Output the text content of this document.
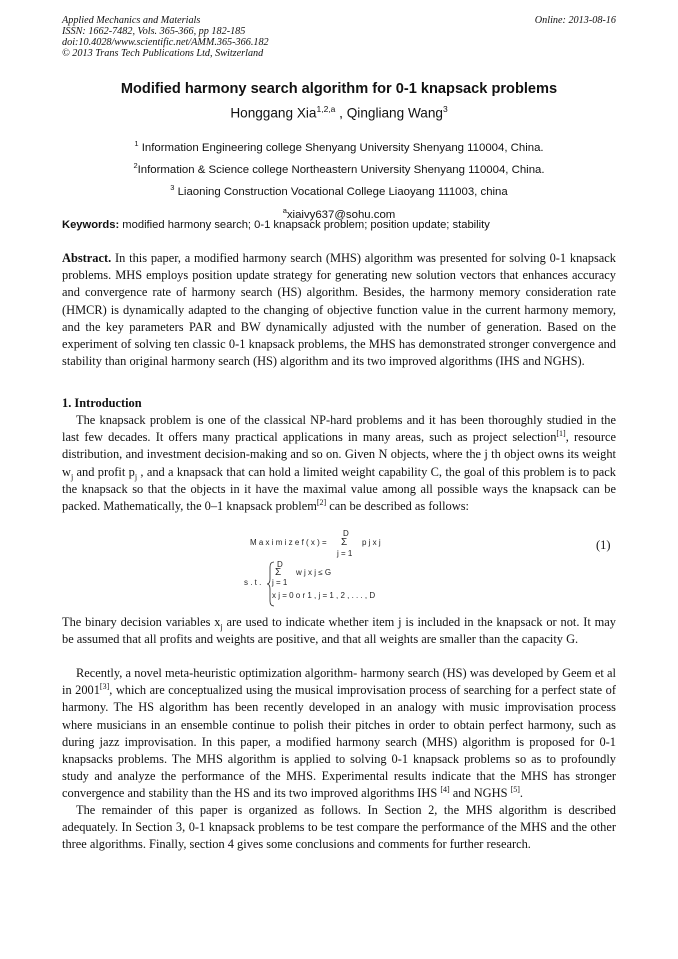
Applied Mechanics and Materials
ISSN: 1662-7482, Vols. 365-366, pp 182-185
doi:10.4028/www.scientific.net/AMM.365-366.182
© 2013 Trans Tech Publications Ltd, Switzerland
Online: 2013-08-16
Modified harmony search algorithm for 0-1 knapsack problems
Honggang Xia$^{1,2,a}$ , Qingliang Wang$^3$
$^1$ Information Engineering college Shenyang University Shenyang 110004, China.
$^2$Information & Science college Northeastern University Shenyang 110004, China.
$^3$ Liaoning Construction Vocational College Liaoyang 111003, china
$^a$xiaivy637@sohu.com
Keywords: modified harmony search; 0-1 knapsack problem; position update; stability
Abstract. In this paper, a modified harmony search (MHS) algorithm was presented for solving 0-1 knapsack problems. MHS employs position update strategy for generating new solution vectors that enhances accuracy and convergence rate of harmony search (HS) algorithm. Besides, the harmony memory consideration rate (HMCR) is dynamically adapted to the changing of objective function value in the current harmony memory, and the key parameters PAR and BW dynamically adjusted with the number of generation. Based on the experiment of solving ten classic 0-1 knapsack problems, the MHS has demonstrated stronger convergence and stability than original harmony search (HS) algorithm and its two improved algorithms (IHS and NGHS).
1. Introduction

The knapsack problem is one of the classical NP-hard problems and it has been thoroughly studied in the last few decades. It offers many practical applications in many areas, such as project selection[1], resource distribution, and investment decision-making and so on. Given N objects, where the j th object owns its weight $w_j$ and profit $p_j$ , and a knapsack that can hold a limited weight capability C, the goal of this problem is to pack the knapsack so that the objects in it have the maximal value among all possible ways the knapsack can be packed. Mathematically, the 0–1 knapsack problem[2] can be described as follows:

M a x i m i z e f ( x ) =
D
Σ
j = 1
p j x j
s . t .
D
Σ
j = 1
w j x j ≤ G
x j = 0 o r 1 , j = 1 , 2 , . . . , D
(1)

The binary decision variables $x_j$ are used to indicate whether item j is included in the knapsack or not. It may be assumed that all profits and weights are positive, and that all weights are smaller than the capacity G.

Recently, a novel meta-heuristic optimization algorithm- harmony search (HS) was developed by Geem et al in 2001[3], which are conceptualized using the musical improvisation process of searching for a perfect state of harmony. The HS algorithm has been recently developed in an analogy with music improvisation process where musicians in an ensemble continue to polish their pitches in order to obtain perfect harmony, such as during jazz improvisation. In this paper, a modified harmony search (MHS) algorithm is proposed for 0-1 knapsacks problems. The MHS algorithm is applied to solving 0-1 knapsack problems so as to profoundly study and analyze the performance of the MHS. Experimental results indicate that the MHS has stronger convergence and stability than the HS and its two improved algorithms IHS [4] and NGHS [5].

The remainder of this paper is organized as follows. In Section 2, the MHS algorithm is described adequately. In Section 3, 0-1 knapsack problems to be test compare the performance of the MHS and the other three algorithms. Finally, section 4 gives some conclusions and comments for further research.
